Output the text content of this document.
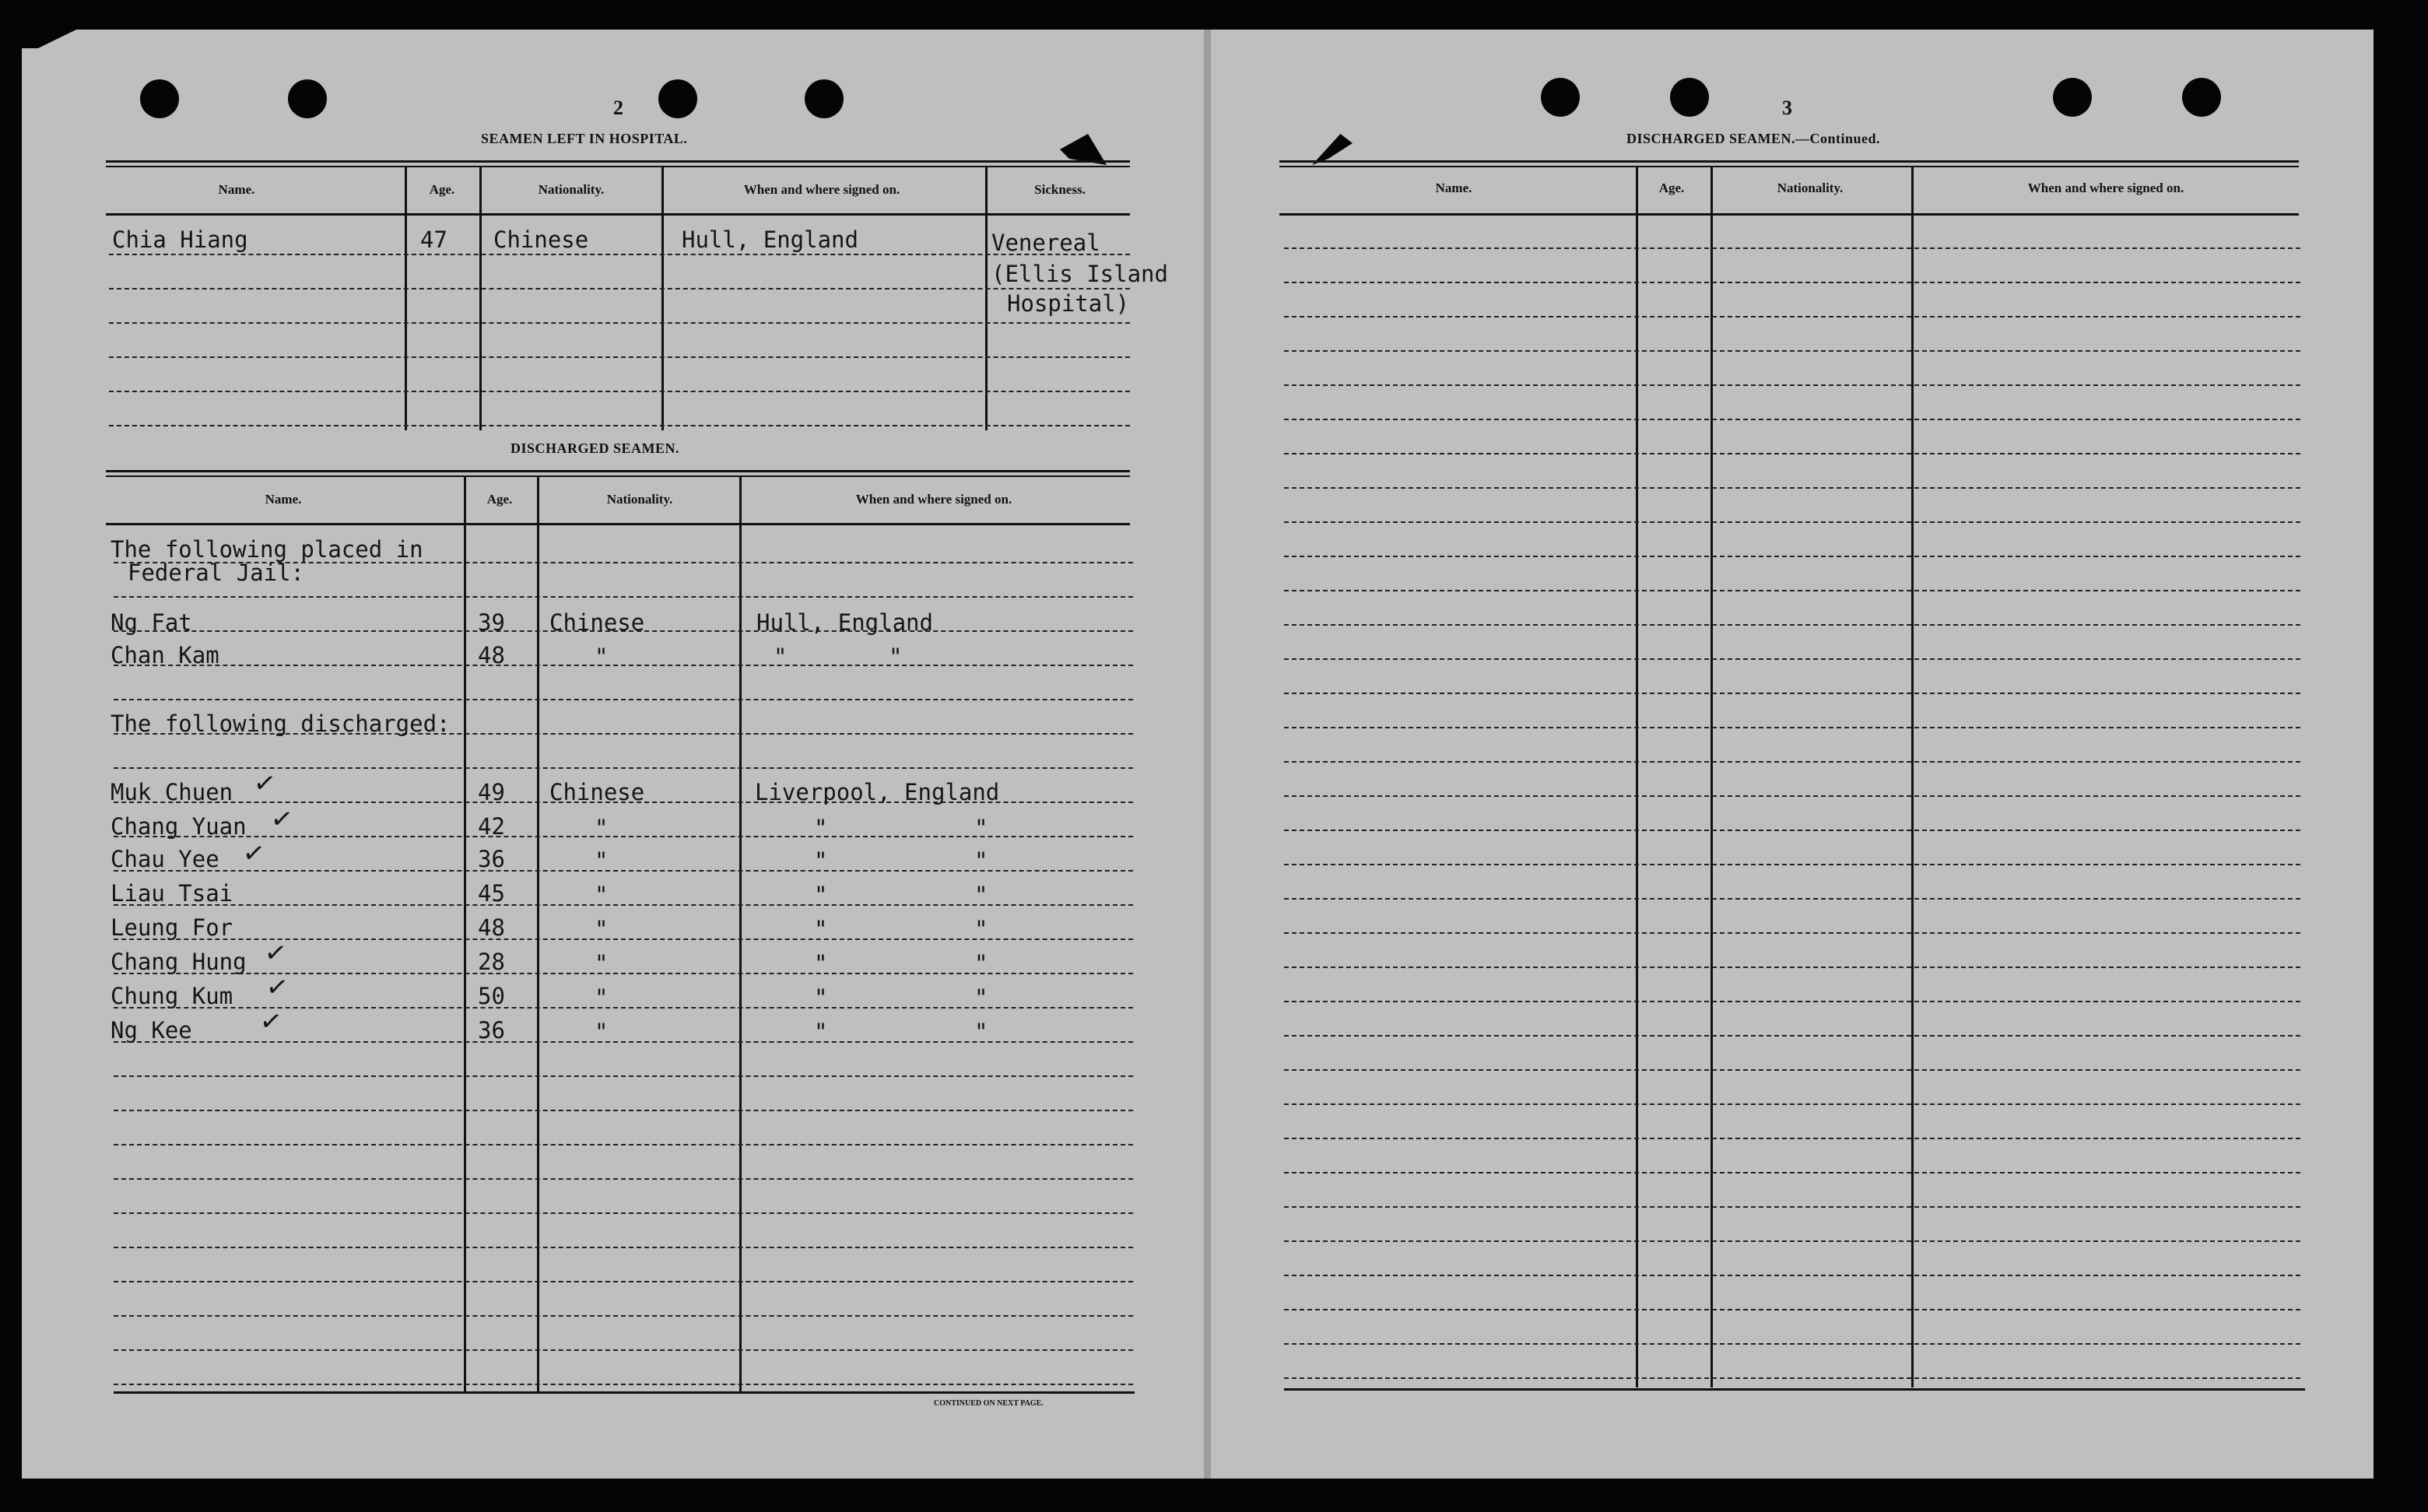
2
SEAMEN LEFT IN HOSPITAL.
Name.	Age.	Nationality.	When and where signed on.	Sickness.
Chia Hiang	47 Chinese	Hull, England	Venereal
(Ellis Island
Hospital)
DISCHARGED SEAMEN.
Name.	Age.	Nationality.	When and where signed on.
The following placed in
Federal Jail:
Ng Fat	39 Chinese	Hull, England
Chan Kam	48	"	"	"
The following discharged:
Muk Chuen ✓	49 Chinese	Liverpool, England
Chang Yuan ✓	42	"	"	"
Chau Yee ✓	36	"	"	"
Liau Tsai	45	"	"	"
Leung For	48	"	"	"
Chang Hung ✓	28	"	"	"
Chung Kum ✓	50	"	"	"
Ng Kee ✓	36	"	"	"
CONTINUED ON NEXT PAGE.
3
DISCHARGED SEAMEN.—Continued.
Name.	Age.	Nationality.	When and where signed on.
